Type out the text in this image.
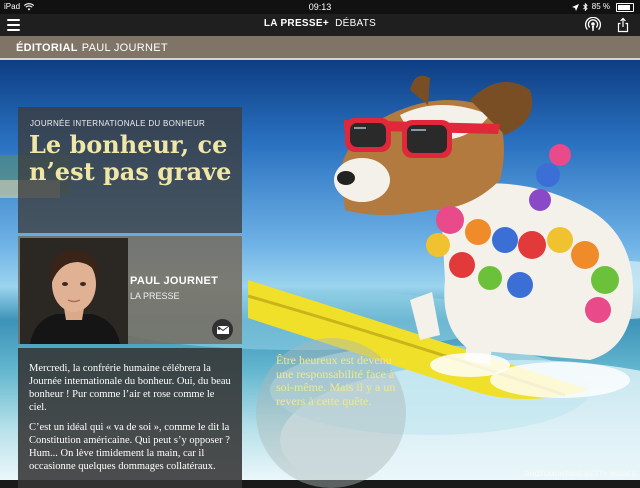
iPad	09:13	85 %
LA PRESSE+ DÉBATS
ÉDITORIAL PAUL JOURNET
JOURNÉE INTERNATIONALE DU BONHEUR
Le bonheur, ce n’est pas grave
PAUL JOURNET
LA PRESSE

Mercredi, la confrérie humaine célébrera la Journée internationale du bonheur. Oui, du beau bonheur ! Pur comme l’air et rose comme le ciel.

C’est un idéal qui « va de soi », comme le dit la Constitution américaine. Qui peut s’y opposer ? Hum... On lève timidement la main, car il occasionne quelques dommages collatéraux.

Être heureux est devenu une responsabilité face à soi-même. Mais il y a un revers à cette quête.
PHOTOMONTAGE GETTY IMAGES
